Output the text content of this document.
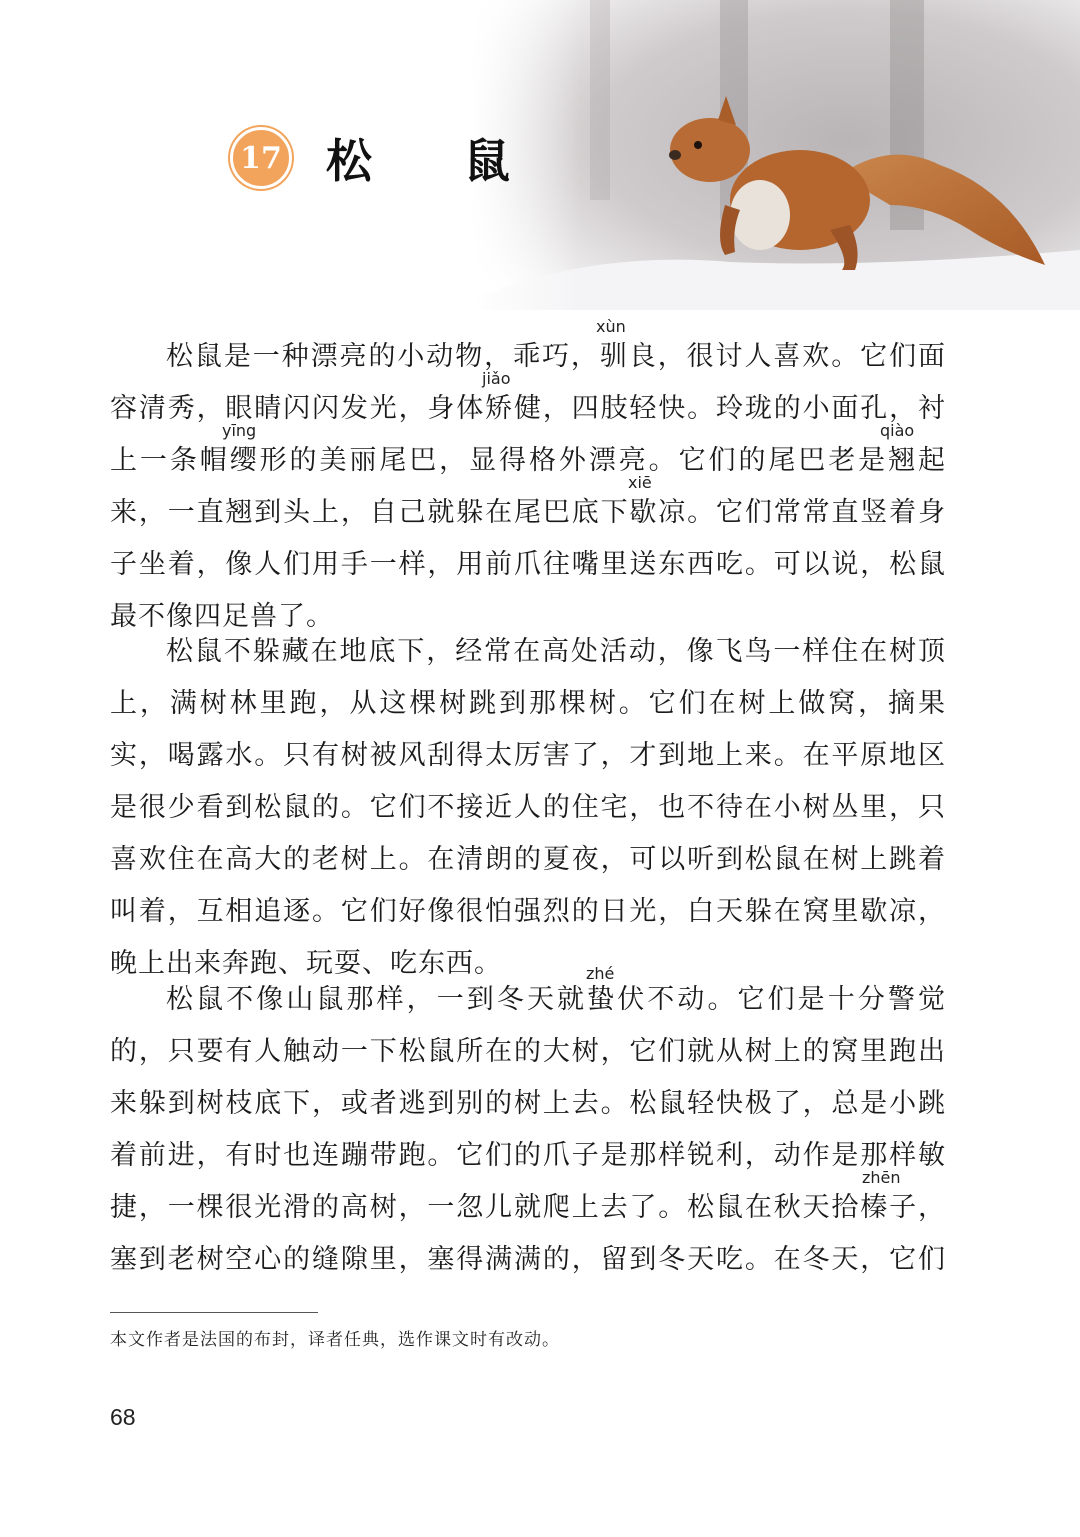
17 松 鼠
松鼠是一种漂亮的小动物，乖巧，驯良，很讨人喜欢。它们面
容清秀，眼睛闪闪发光，身体矫健，四肢轻快。玲珑的小面孔，衬
上一条帽缨形的美丽尾巴，显得格外漂亮。它们的尾巴老是翘起
来，一直翘到头上，自己就躲在尾巴底下歇凉。它们常常直竖着身
子坐着，像人们用手一样，用前爪往嘴里送东西吃。可以说，松鼠
最不像四足兽了。
xùn
jiǎo
yīng	qiào
xiē
松鼠不躲藏在地底下，经常在高处活动，像飞鸟一样住在树顶
上，满树林里跑，从这棵树跳到那棵树。它们在树上做窝，摘果
实，喝露水。只有树被风刮得太厉害了，才到地上来。在平原地区
是很少看到松鼠的。它们不接近人的住宅，也不待在小树丛里，只
喜欢住在高大的老树上。在清朗的夏夜，可以听到松鼠在树上跳着
叫着，互相追逐。它们好像很怕强烈的日光，白天躲在窝里歇凉，
晚上出来奔跑、玩耍、吃东西。
松鼠不像山鼠那样，一到冬天就蛰伏不动。它们是十分警觉
的，只要有人触动一下松鼠所在的大树，它们就从树上的窝里跑出
来躲到树枝底下，或者逃到别的树上去。松鼠轻快极了，总是小跳
着前进，有时也连蹦带跑。它们的爪子是那样锐利，动作是那样敏
捷，一棵很光滑的高树，一忽儿就爬上去了。松鼠在秋天拾榛子，
塞到老树空心的缝隙里，塞得满满的，留到冬天吃。在冬天，它们
zhé
zhēn
本文作者是法国的布封，译者任典，选作课文时有改动。
68
